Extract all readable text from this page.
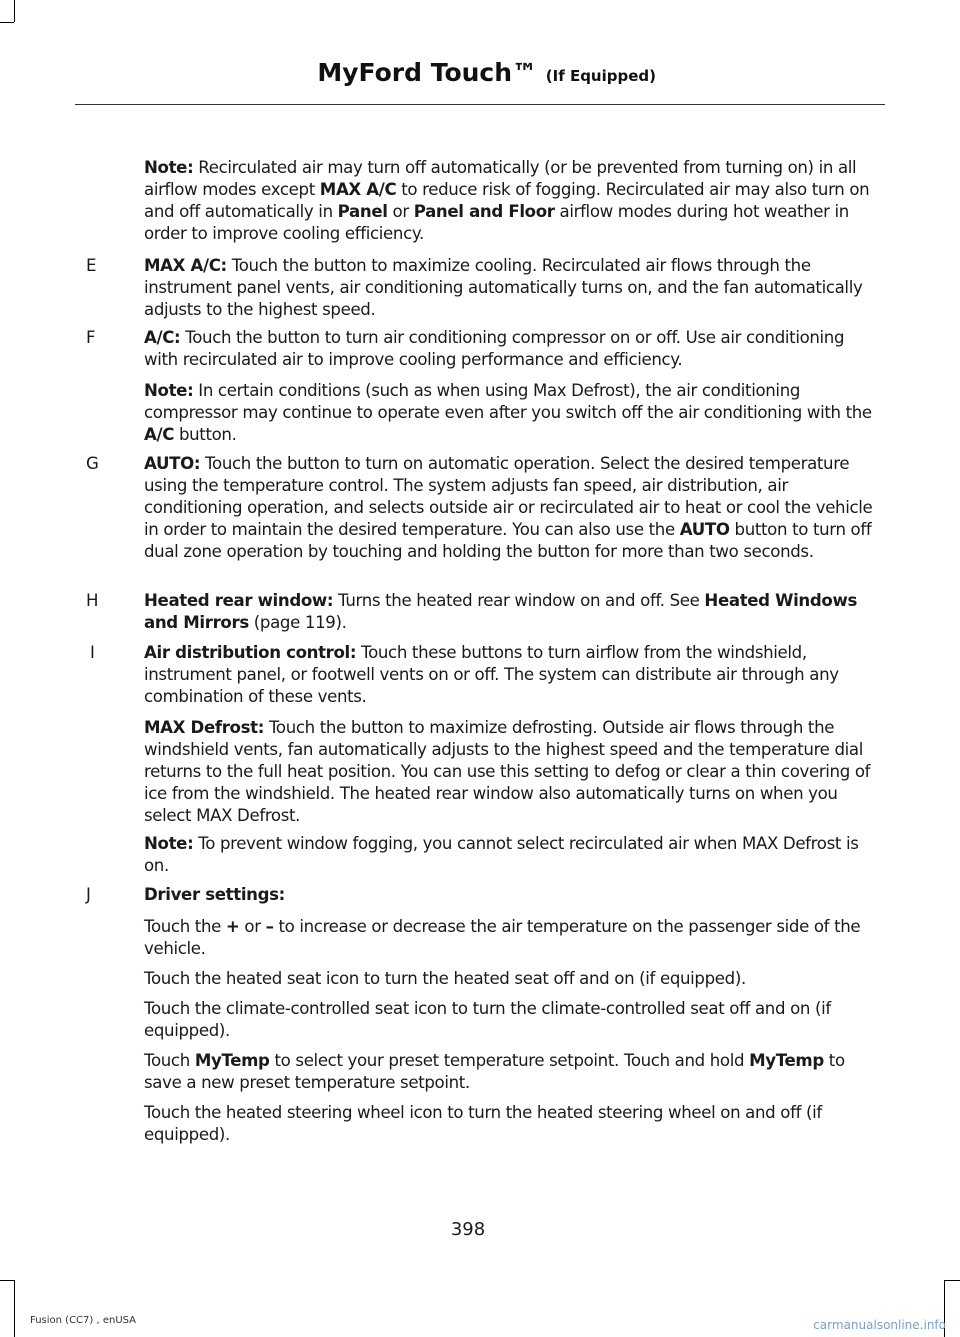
MyFord Touch™ (If Equipped)

Note: Recirculated air may turn off automatically (or be prevented from turning on) in all airflow modes except MAX A/C to reduce risk of fogging. Recirculated air may also turn on and off automatically in Panel or Panel and Floor airflow modes during hot weather in order to improve cooling efficiency.

E	MAX A/C: Touch the button to maximize cooling. Recirculated air flows through the instrument panel vents, air conditioning automatically turns on, and the fan automatically adjusts to the highest speed.

F	A/C: Touch the button to turn air conditioning compressor on or off. Use air conditioning with recirculated air to improve cooling performance and efficiency.

Note: In certain conditions (such as when using Max Defrost), the air conditioning compressor may continue to operate even after you switch off the air conditioning with the A/C button.

G	AUTO: Touch the button to turn on automatic operation. Select the desired temperature using the temperature control. The system adjusts fan speed, air distribution, air conditioning operation, and selects outside air or recirculated air to heat or cool the vehicle in order to maintain the desired temperature. You can also use the AUTO button to turn off dual zone operation by touching and holding the button for more than two seconds.

H	Heated rear window: Turns the heated rear window on and off. See Heated Windows and Mirrors (page 119).

I	Air distribution control: Touch these buttons to turn airflow from the windshield, instrument panel, or footwell vents on or off. The system can distribute air through any combination of these vents.

MAX Defrost: Touch the button to maximize defrosting. Outside air flows through the windshield vents, fan automatically adjusts to the highest speed and the temperature dial returns to the full heat position. You can use this setting to defog or clear a thin covering of ice from the windshield. The heated rear window also automatically turns on when you select MAX Defrost.

Note: To prevent window fogging, you cannot select recirculated air when MAX Defrost is on.

J	Driver settings:

Touch the + or – to increase or decrease the air temperature on the passenger side of the vehicle.

Touch the heated seat icon to turn the heated seat off and on (if equipped).

Touch the climate-controlled seat icon to turn the climate-controlled seat off and on (if equipped).

Touch MyTemp to select your preset temperature setpoint. Touch and hold MyTemp to save a new preset temperature setpoint.

Touch the heated steering wheel icon to turn the heated steering wheel on and off (if equipped).

398
Fusion (CC7) , enUSA	carmanualsonline.info
